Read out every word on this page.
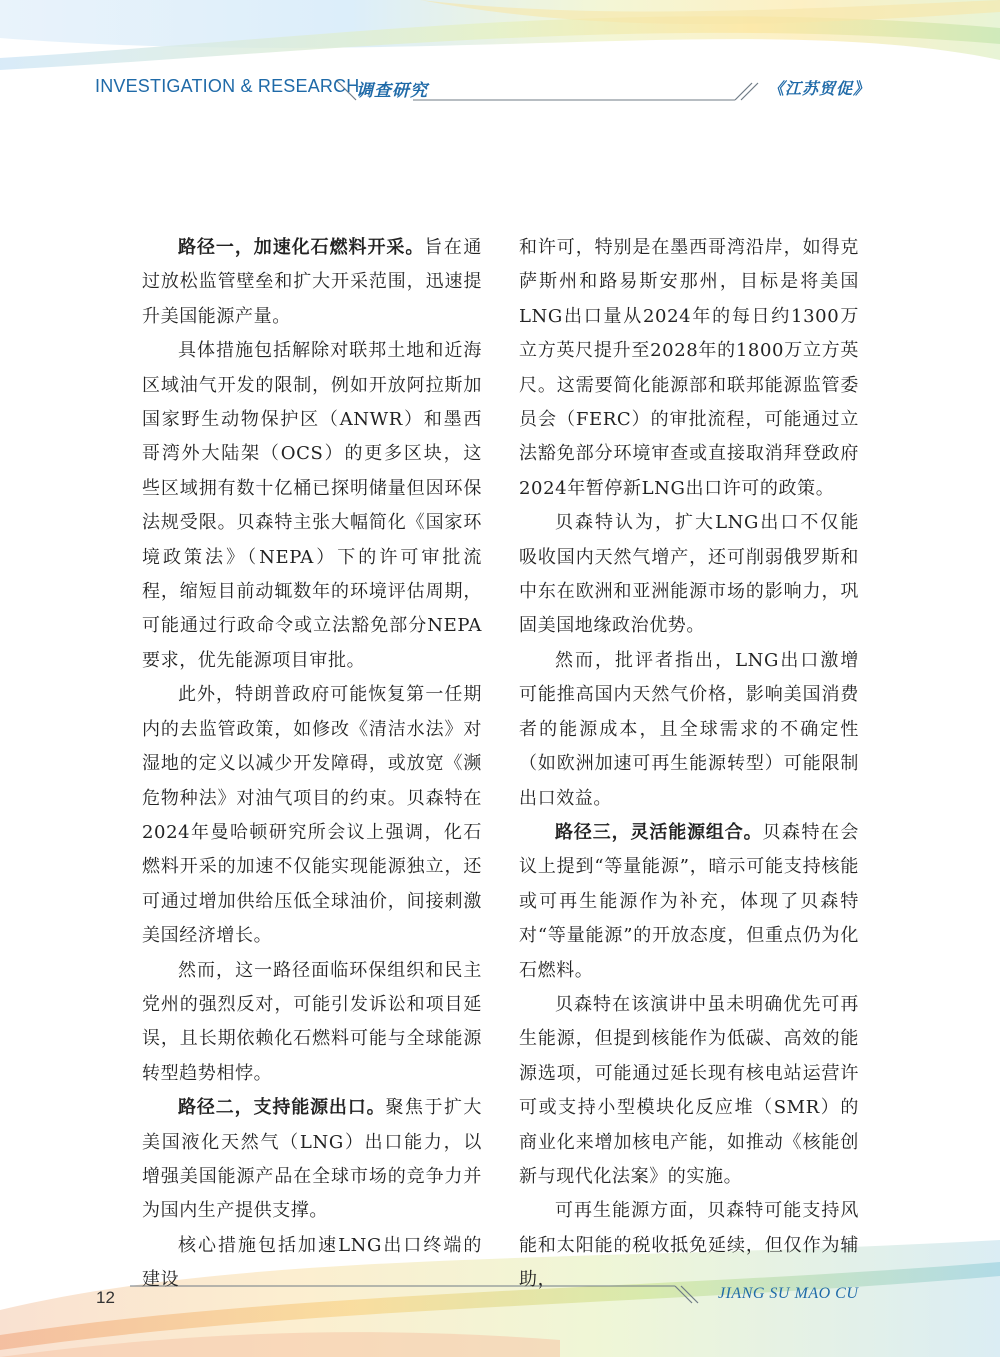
INVESTIGATION & RESEARCH
调查研究	《江苏贸促》

路径一，加速化石燃料开采。旨在通过放松监管壁垒和扩大开采范围，迅速提升美国能源产量。

具体措施包括解除对联邦土地和近海区域油气开发的限制，例如开放阿拉斯加国家野生动物保护区（ANWR）和墨西哥湾外大陆架（OCS）的更多区块，这些区域拥有数十亿桶已探明储量但因环保法规受限。贝森特主张大幅简化《国家环境政策法》（NEPA）下的许可审批流程，缩短目前动辄数年的环境评估周期，可能通过行政命令或立法豁免部分NEPA要求，优先能源项目审批。

此外，特朗普政府可能恢复第一任期内的去监管政策，如修改《清洁水法》对湿地的定义以减少开发障碍，或放宽《濒危物种法》对油气项目的约束。贝森特在2024年曼哈顿研究所会议上强调，化石燃料开采的加速不仅能实现能源独立，还可通过增加供给压低全球油价，间接刺激美国经济增长。

然而，这一路径面临环保组织和民主党州的强烈反对，可能引发诉讼和项目延误，且长期依赖化石燃料可能与全球能源转型趋势相悖。

路径二，支持能源出口。聚焦于扩大美国液化天然气（LNG）出口能力，以增强美国能源产品在全球市场的竞争力并为国内生产提供支撑。

核心措施包括加速LNG出口终端的建设

和许可，特别是在墨西哥湾沿岸，如得克萨斯州和路易斯安那州，目标是将美国LNG出口量从2024年的每日约1300万立方英尺提升至2028年的1800万立方英尺。这需要简化能源部和联邦能源监管委员会（FERC）的审批流程，可能通过立法豁免部分环境审查或直接取消拜登政府2024年暂停新LNG出口许可的政策。

贝森特认为，扩大LNG出口不仅能吸收国内天然气增产，还可削弱俄罗斯和中东在欧洲和亚洲能源市场的影响力，巩固美国地缘政治优势。

然而，批评者指出，LNG出口激增可能推高国内天然气价格，影响美国消费者的能源成本，且全球需求的不确定性（如欧洲加速可再生能源转型）可能限制出口效益。

路径三，灵活能源组合。贝森特在会议上提到“等量能源”，暗示可能支持核能或可再生能源作为补充，体现了贝森特对“等量能源”的开放态度，但重点仍为化石燃料。

贝森特在该演讲中虽未明确优先可再生能源，但提到核能作为低碳、高效的能源选项，可能通过延长现有核电站运营许可或支持小型模块化反应堆（SMR）的商业化来增加核电产能，如推动《核能创新与现代化法案》的实施。

可再生能源方面，贝森特可能支持风能和太阳能的税收抵免延续，但仅作为辅助，

12	JIANG SU MAO CU
